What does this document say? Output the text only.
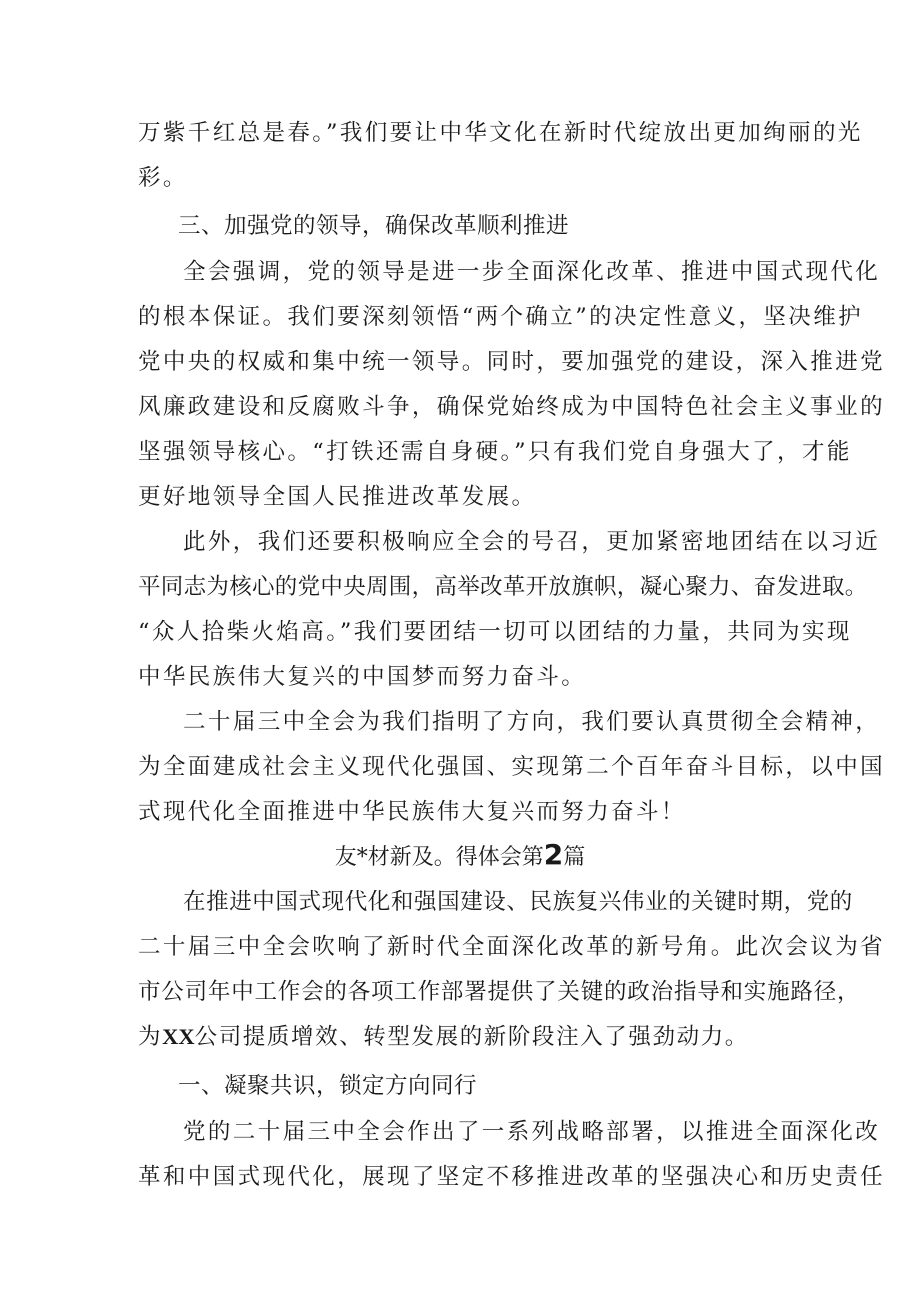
万紫千红总是春。”我们要让中华文化在新时代绽放出更加绚丽的光
彩。
三、加强党的领导，确保改革顺利推进
全会强调，党的领导是进一步全面深化改革、推进中国式现代化
的根本保证。我们要深刻领悟“两个确立”的决定性意义，坚决维护
党中央的权威和集中统一领导。同时，要加强党的建设，深入推进党
风廉政建设和反腐败斗争，确保党始终成为中国特色社会主义事业的
坚强领导核心。“打铁还需自身硬。”只有我们党自身强大了，才能
更好地领导全国人民推进改革发展。
此外，我们还要积极响应全会的号召，更加紧密地团结在以习近
平同志为核心的党中央周围，高举改革开放旗帜，凝心聚力、奋发进取。
“众人拾柴火焰高。”我们要团结一切可以团结的力量，共同为实现
中华民族伟大复兴的中国梦而努力奋斗。
二十届三中全会为我们指明了方向，我们要认真贯彻全会精神，
为全面建成社会主义现代化强国、实现第二个百年奋斗目标，以中国
式现代化全面推进中华民族伟大复兴而努力奋斗！
友*材新及。得体会第2篇
在推进中国式现代化和强国建设、民族复兴伟业的关键时期，党的
二十届三中全会吹响了新时代全面深化改革的新号角。此次会议为省
市公司年中工作会的各项工作部署提供了关键的政治指导和实施路径，
为XX公司提质增效、转型发展的新阶段注入了强劲动力。
一、凝聚共识，锁定方向同行
党的二十届三中全会作出了一系列战略部署，以推进全面深化改
革和中国式现代化，展现了坚定不移推进改革的坚强决心和历史责任
